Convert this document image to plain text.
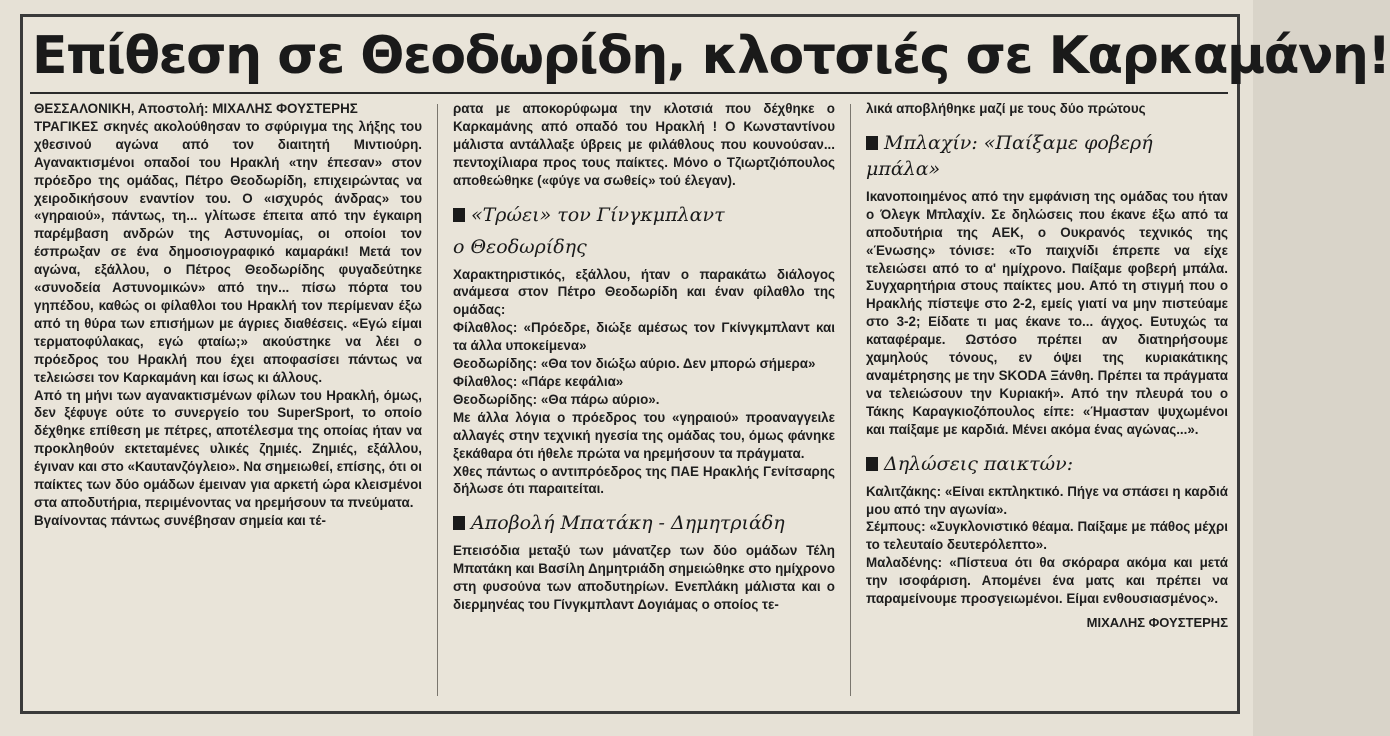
Επίθεση σε Θεοδωρίδη, κλοτσιές σε Καρκαμάνη!

ΘΕΣΣΑΛΟΝΙΚΗ, Αποστολή: ΜΙΧΑΛΗΣ ΦΟΥΣΤΕΡΗΣ

ΤΡΑΓΙΚΕΣ σκηνές ακολούθησαν το σφύριγμα της λήξης του χθεσινού αγώνα από τον διαιτητή Μιντιούρη. Αγανακτισμένοι οπαδοί του Ηρακλή «την έπεσαν» στον πρόεδρο της ομάδας, Πέτρο Θεοδωρίδη, επιχειρώντας να χειροδικήσουν εναντίον του. Ο «ισχυρός άνδρας» του «γηραιού», πάντως, τη... γλίτωσε έπειτα από την έγκαιρη παρέμβαση ανδρών της Αστυνομίας, οι οποίοι τον έσπρωξαν σε ένα δημοσιογραφικό καμαράκι! Μετά τον αγώνα, εξάλλου, ο Πέτρος Θεοδωρίδης φυγαδεύτηκε «συνοδεία Αστυνομικών» από την... πίσω πόρτα του γηπέδου, καθώς οι φίλαθλοι του Ηρακλή τον περίμεναν έξω από τη θύρα των επισήμων με άγριες διαθέσεις. «Εγώ είμαι τερματοφύλακας, εγώ φταίω;» ακούστηκε να λέει ο πρόεδρος του Ηρακλή που έχει αποφασίσει πάντως να τελειώσει τον Καρκαμάνη και ίσως κι άλλους.

Από τη μήνι των αγανακτισμένων φίλων του Ηρακλή, όμως, δεν ξέφυγε ούτε το συνεργείο του SuperSport, το οποίο δέχθηκε επίθεση με πέτρες, αποτέλεσμα της οποίας ήταν να προκληθούν εκτεταμένες υλικές ζημιές. Ζημιές, εξάλλου, έγιναν και στο «Καυτανζόγλειο». Να σημειωθεί, επίσης, ότι οι παίκτες των δύο ομάδων έμειναν για αρκετή ώρα κλεισμένοι στα αποδυτήρια, περιμένοντας να ηρεμήσουν τα πνεύματα.

Βγαίνοντας πάντως συνέβησαν σημεία και τέ-

ρατα με αποκορύφωμα την κλοτσιά που δέχθηκε ο Καρκαμάνης από οπαδό του Ηρακλή ! Ο Κωνσταντίνου μάλιστα αντάλλαξε ύβρεις με φιλάθλους που κουνούσαν... πεντοχίλιαρα προς τους παίκτες. Μόνο ο Τζιωρτζιόπουλος αποθεώθηκε («φύγε να σωθείς» τού έλεγαν).

«Τρώει» τον Γίνγκμπλαντ
ο Θεοδωρίδης

Χαρακτηριστικός, εξάλλου, ήταν ο παρακάτω διάλογος ανάμεσα στον Πέτρο Θεοδωρίδη και έναν φίλαθλο της ομάδας:

Φίλαθλος: «Πρόεδρε, διώξε αμέσως τον Γκίνγκμπλαντ και τα άλλα υποκείμενα»

Θεοδωρίδης: «Θα τον διώξω αύριο. Δεν μπορώ σήμερα»

Φίλαθλος: «Πάρε κεφάλια»

Θεοδωρίδης: «Θα πάρω αύριο».

Με άλλα λόγια ο πρόεδρος του «γηραιού» προαναγγειλε αλλαγές στην τεχνική ηγεσία της ομάδας του, όμως φάνηκε ξεκάθαρα ότι ήθελε πρώτα να ηρεμήσουν τα πράγματα.

Χθες πάντως ο αντιπρόεδρος της ΠΑΕ Ηρακλής Γενίτσαρης δήλωσε ότι παραιτείται.

Αποβολή Μπατάκη - Δημητριάδη

Επεισόδια μεταξύ των μάνατζερ των δύο ομάδων Τέλη Μπατάκη και Βασίλη Δημητριάδη σημειώθηκε στο ημίχρονο στη φυσούνα των αποδυτηρίων. Ενεπλάκη μάλιστα και ο διερμηνέας του Γίνγκμπλαντ Δογιάμας ο οποίος τε-

λικά αποβλήθηκε μαζί με τους δύο πρώτους

Μπλαχίν: «Παίξαμε φοβερή μπάλα»

Ικανοποιημένος από την εμφάνιση της ομάδας του ήταν ο Όλεγκ Μπλαχίν. Σε δηλώσεις που έκανε έξω από τα αποδυτήρια της ΑΕΚ, ο Ουκρανός τεχνικός της «Ένωσης» τόνισε: «Το παιχνίδι έπρεπε να είχε τελειώσει από το α' ημίχρονο. Παίξαμε φοβερή μπάλα. Συγχαρητήρια στους παίκτες μου. Από τη στιγμή που ο Ηρακλής πίστεψε στο 2-2, εμείς γιατί να μην πιστεύαμε στο 3-2; Είδατε τι μας έκανε το... άγχος. Ευτυχώς τα καταφέραμε. Ωστόσο πρέπει αν διατηρήσουμε χαμηλούς τόνους, εν όψει της κυριακάτικης αναμέτρησης με την SKODA Ξάνθη. Πρέπει τα πράγματα να τελειώσουν την Κυριακή». Από την πλευρά του ο Τάκης Καραγκιοζόπουλος είπε: «Ήμασταν ψυχωμένοι και παίξαμε με καρδιά. Μένει ακόμα ένας αγώνας...».

Δηλώσεις παικτών:

Καλιτζάκης: «Είναι εκπληκτικό. Πήγε να σπάσει η καρδιά μου από την αγωνία».

Σέμπους: «Συγκλονιστικό θέαμα. Παίξαμε με πάθος μέχρι το τελευταίο δευτερόλεπτο».

Μαλαδένης: «Πίστευα ότι θα σκόραρα ακόμα και μετά την ισοφάριση. Απομένει ένα ματς και πρέπει να παραμείνουμε προσγειωμένοι. Είμαι ενθουσιασμένος».

ΜΙΧΑΛΗΣ ΦΟΥΣΤΕΡΗΣ
